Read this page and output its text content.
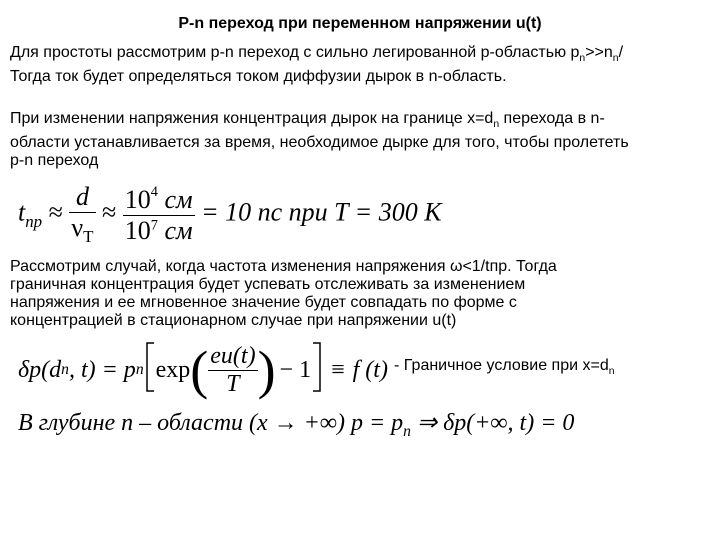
P-n переход при переменном напряжении u(t)
Для простоты рассмотрим p-n переход с сильно легированной p-областью $p_n>>n_n/$
Тогда ток будет определяться током диффузии дырок в n-область.
При изменении напряжения концентрация дырок на границе $x=d_n$ перехода в n-
области устанавливается за время, необходимое дырке для того, чтобы пролететь
p-n переход
$t_{пр} \approx \frac{d}{\nu_T} \approx \frac{10^4 см}{10^7 см} = 10$ пс при T = 300 K
Рассмотрим случай, когда частота изменения напряжения ω<1/tпр. Тогда
граничная концентрация будет успевать отслеживать за изменением
напряжения и ее мгновенное значение будет совпадать по форме с
концентрацией в стационарном случае при напряжении u(t)
δp(d n , t) = p n exp ( $\frac{eu(t)}{T}$ ) − 1 ≡ f (t) - Граничное условие при $x=d_n$
В глубине n – области (x → +∞) $p = p_n$ ⇒ δp(+∞, t) = 0
